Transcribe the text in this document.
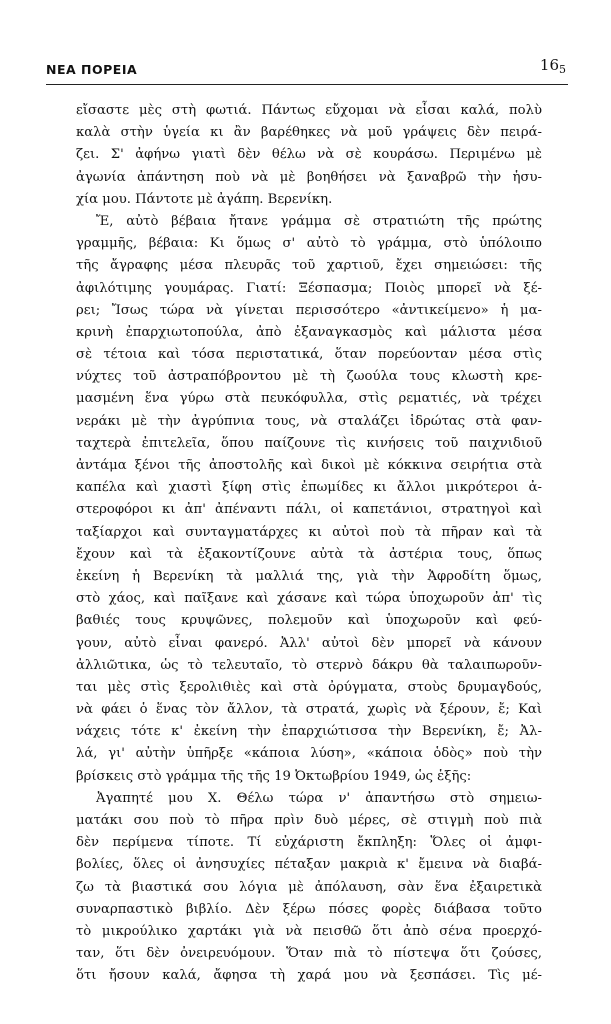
ΝΕΑ ΠΟΡΕΙΑ	$16_5$
εἴσαστε μὲς στὴ φωτιά. Πάντως εὔχομαι νὰ εἶσαι καλά, πολὺ
καλὰ στὴν ὑγεία κι ἂν βαρέθηκες νὰ μοῦ γράψεις δὲν πειρά-
ζει. Σ' ἀφήνω γιατὶ δὲν θέλω νὰ σὲ κουράσω. Περιμένω μὲ
ἀγωνία ἀπάντηση ποὺ νὰ μὲ βοηθήσει νὰ ξαναβρῶ τὴν ἡσυ-
χία μου. Πάντοτε μὲ ἀγάπη. Βερενίκη.
Ἔ, αὐτὸ βέβαια ἤτανε γράμμα σὲ στρατιώτη τῆς πρώτης
γραμμῆς, βέβαια: Κι ὅμως σ' αὐτὸ τὸ γράμμα, στὸ ὑπόλοιπο
τῆς ἄγραφης μέσα πλευρᾶς τοῦ χαρτιοῦ, ἔχει σημειώσει: τῆς
ἀφιλότιμης γουμάρας. Γιατί: Ξέσπασμα; Ποιὸς μπορεῖ νὰ ξέ-
ρει; Ἴσως τώρα νὰ γίνεται περισσότερο «ἀντικείμενο» ἡ μα-
κρινὴ ἐπαρχιωτοπούλα, ἀπὸ ἐξαναγκασμὸς καὶ μάλιστα μέσα
σὲ τέτοια καὶ τόσα περιστατικά, ὅταν πορεύονταν μέσα στὶς
νύχτες τοῦ ἀστραπόβροντου μὲ τὴ ζωούλα τους κλωστὴ κρε-
μασμένη ἕνα γύρω στὰ πευκόφυλλα, στὶς ρεματιές, νὰ τρέχει
νεράκι μὲ τὴν ἀγρύπνια τους, νὰ σταλάζει ἱδρώτας στὰ φαν-
ταχτερὰ ἐπιτελεῖα, ὅπου παίζουνε τὶς κινήσεις τοῦ παιχνιδιοῦ
ἀντάμα ξένοι τῆς ἀποστολῆς καὶ δικοὶ μὲ κόκκινα σειρήτια στὰ
καπέλα καὶ χιαστὶ ξίφη στὶς ἐπωμίδες κι ἄλλοι μικρότεροι ἀ-
στεροφόροι κι ἀπ' ἀπέναντι πάλι, οἱ καπετάνιοι, στρατηγοὶ καὶ
ταξίαρχοι καὶ συνταγματάρχες κι αὐτοὶ ποὺ τὰ πῆραν καὶ τὰ
ἔχουν καὶ τὰ ἐξακοντίζουνε αὐτὰ τὰ ἀστέρια τους, ὅπως
ἐκείνη ἡ Βερενίκη τὰ μαλλιά της, γιὰ τὴν Ἀφροδίτη ὅμως,
στὸ χάος, καὶ παῖξανε καὶ χάσανε καὶ τώρα ὑποχωροῦν ἀπ' τὶς
βαθιές τους κρυψῶνες, πολεμοῦν καὶ ὑποχωροῦν καὶ φεύ-
γουν, αὐτὸ εἶναι φανερό. Ἀλλ' αὐτοὶ δὲν μπορεῖ νὰ κάνουν
ἀλλιῶτικα, ὡς τὸ τελευταῖο, τὸ στερνὸ δάκρυ θὰ ταλαιπωροῦν-
ται μὲς στὶς ξερολιθιὲς καὶ στὰ ὀρύγματα, στοὺς δρυμαγδούς,
νὰ φάει ὁ ἕνας τὸν ἄλλον, τὰ στρατά, χωρὶς νὰ ξέρουν, ἔ; Καὶ
νάχεις τότε κ' ἐκείνη τὴν ἐπαρχιώτισσα τὴν Βερενίκη, ἔ; Ἀλ-
λά, γι' αὐτὴν ὑπῆρξε «κάποια λύση», «κάποια ὁδὸς» ποὺ τὴν
βρίσκεις στὸ γράμμα τῆς τῆς 19 Ὀκτωβρίου 1949, ὡς ἑξῆς:
Ἀγαπητέ μου Χ. Θέλω τώρα ν' ἀπαντήσω στὸ σημειω-
ματάκι σου ποὺ τὸ πῆρα πρὶν δυὸ μέρες, σὲ στιγμὴ ποὺ πιὰ
δὲν περίμενα τίποτε. Τί εὐχάριστη ἔκπληξη: Ὅλες οἱ ἀμφι-
βολίες, ὅλες οἱ ἀνησυχίες πέταξαν μακριὰ κ' ἔμεινα νὰ διαβά-
ζω τὰ βιαστικά σου λόγια μὲ ἀπόλαυση, σὰν ἕνα ἐξαιρετικὰ
συναρπαστικὸ βιβλίο. Δὲν ξέρω πόσες φορὲς διάβασα τοῦτο
τὸ μικρούλικο χαρτάκι γιὰ νὰ πεισθῶ ὅτι ἀπὸ σένα προερχό-
ταν, ὅτι δὲν ὀνειρευόμουν. Ὅταν πιὰ τὸ πίστεψα ὅτι ζούσες,
ὅτι ἤσουν καλά, ἄφησα τὴ χαρά μου νὰ ξεσπάσει. Τὶς μέ-
